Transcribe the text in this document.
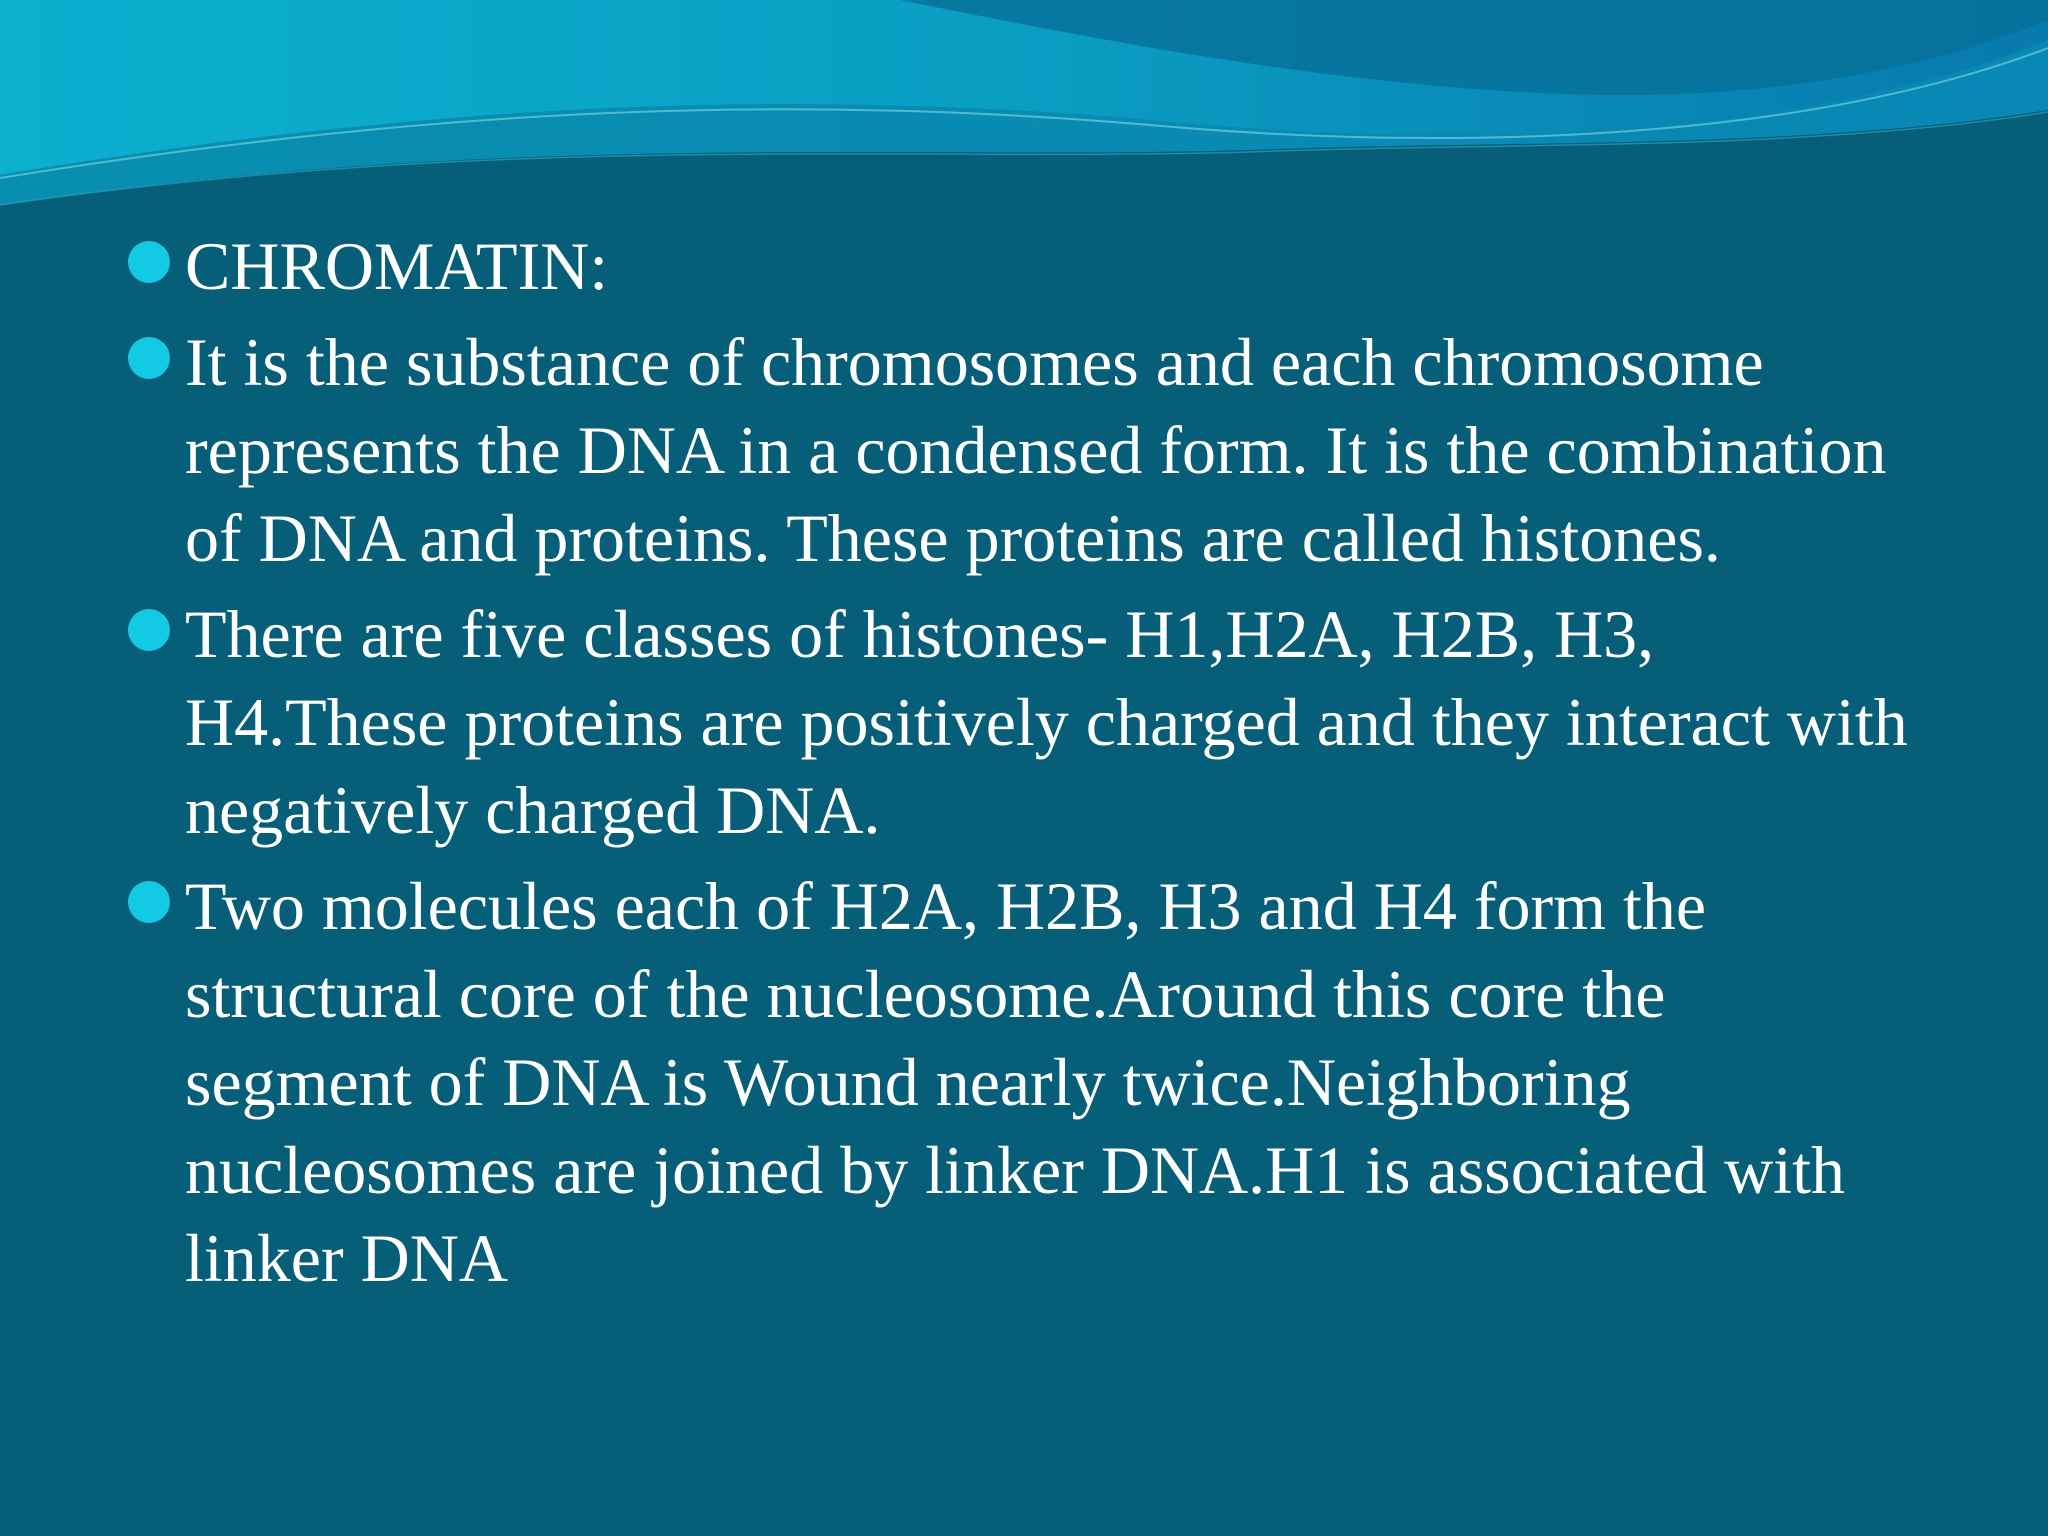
CHROMATIN:
It is the substance of chromosomes and each chromosome represents the DNA in a condensed form. It is the combination of DNA and proteins. These proteins are called histones.
There are five classes of histones- H1,H2A, H2B, H3, H4.These proteins are positively charged and they interact with negatively charged DNA.
Two molecules each of H2A, H2B, H3 and H4 form the structural core of the nucleosome.Around this core the segment of DNA is Wound nearly twice.Neighboring nucleosomes are joined by linker DNA.H1 is associated with linker DNA
